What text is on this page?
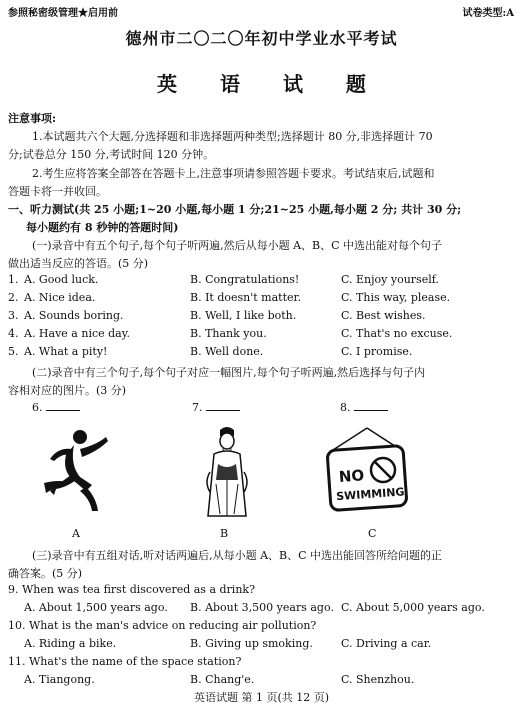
参照秘密级管理★启用前	试卷类型:A
德州市二〇二〇年初中学业水平考试
英 语 试 题
注意事项:
1.本试题共六个大题,分选择题和非选择题两种类型;选择题计 80 分,非选择题计 70
分;试卷总分 150 分,考试时间 120 分钟。
2.考生应将答案全部答在答题卡上,注意事项请参照答题卡要求。考试结束后,试题和
答题卡将一并收回。
一、听力测试(共 25 小题;1~20 小题,每小题 1 分;21~25 小题,每小题 2 分; 共计 30 分;
每小题约有 8 秒钟的答题时间)
(一)录音中有五个句子,每个句子听两遍,然后从每小题 A、B、C 中选出能对每个句子
做出适当反应的答语。(5 分)
1. A. Good luck.	B. Congratulations!	C. Enjoy yourself.
2. A. Nice idea.	B. It doesn't matter.	C. This way, please.
3. A. Sounds boring.	B. Well, I like both.	C. Best wishes.
4. A. Have a nice day.	B. Thank you.	C. That's no excuse.
5. A. What a pity!	B. Well done.	C. I promise.
(二)录音中有三个句子,每个句子对应一幅图片,每个句子听两遍,然后选择与句子内
容相对应的图片。(3 分)
6.	7.	8.
NO
SWIMMING
A	B	C
(三)录音中有五组对话,听对话两遍后,从每小题 A、B、C 中选出能回答所给问题的正
确答案。(5 分)
9. When was tea first discovered as a drink?
A. About 1,500 years ago. B. About 3,500 years ago. C. About 5,000 years ago.
10. What is the man's advice on reducing air pollution?
A. Riding a bike.	B. Giving up smoking.	C. Driving a car.
11. What's the name of the space station?
A. Tiangong.	B. Chang'e.	C. Shenzhou.
英语试题 第 1 页(共 12 页)
